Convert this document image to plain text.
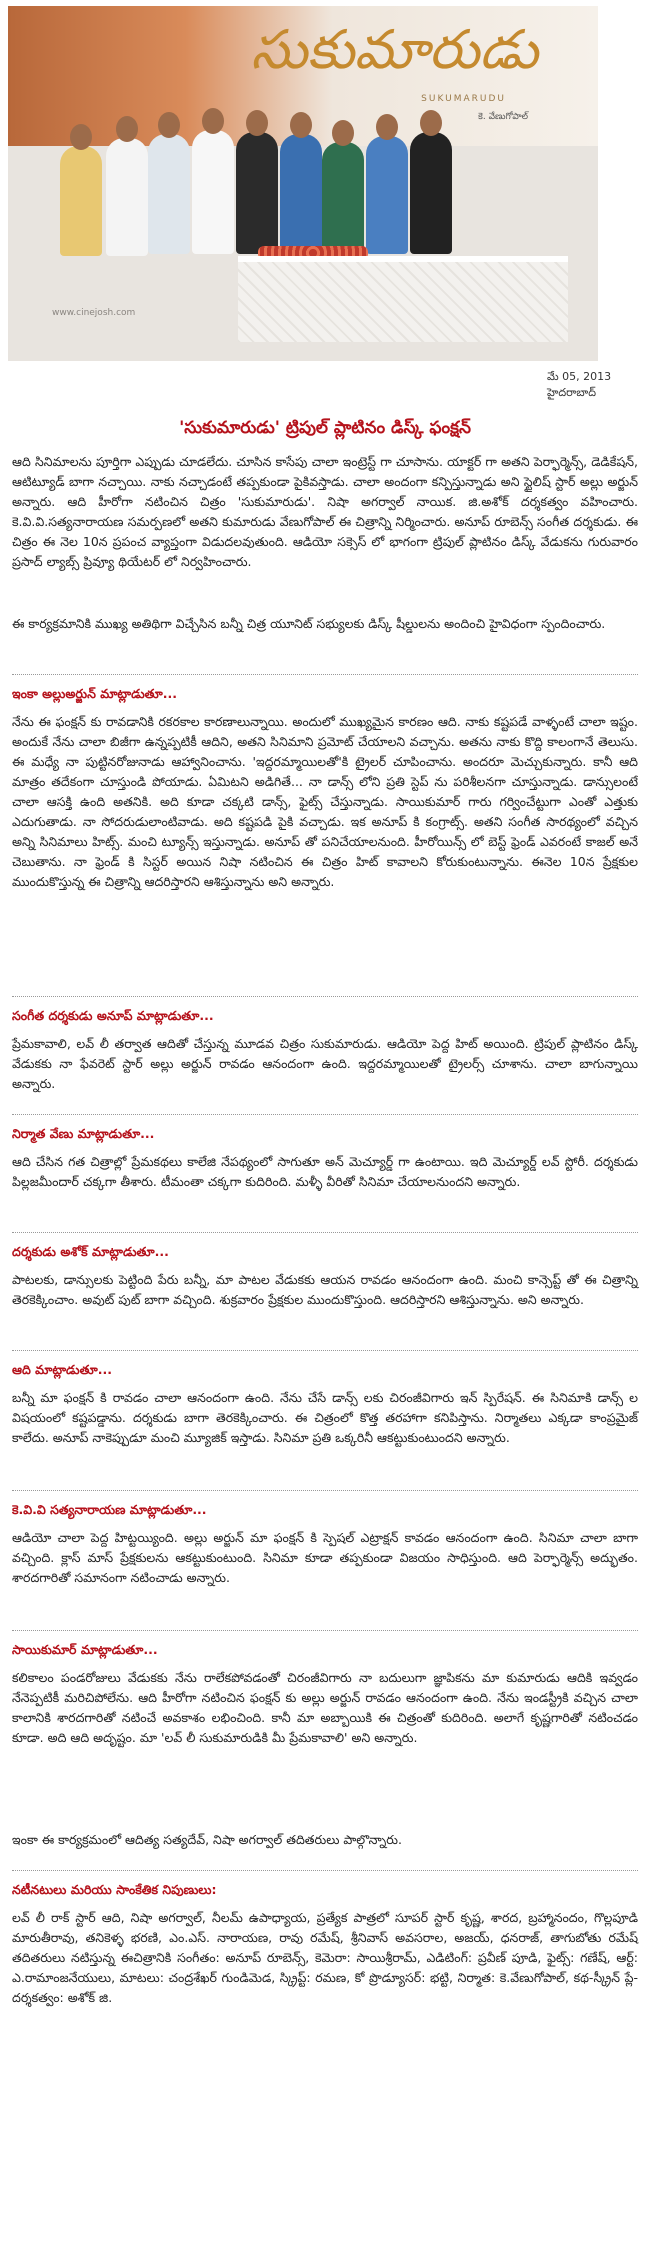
సుకుమారుడు
SUKUMARUDU
కె. వేణుగోపాల్
www.cinejosh.com
మే 05, 2013
హైదరాబాద్
'సుకుమారుడు' ట్రిపుల్ ప్లాటినం డిస్క్ ఫంక్షన్

ఆది సినిమాలను పూర్తిగా ఎప్పుడు చూడలేదు. చూసిన కాసేపు చాలా ఇంట్రెస్ట్ గా చూసాను. యాక్టర్ గా అతని పెర్ఫార్మెన్స్, డెడికేషన్, ఆటిట్యూడ్ బాగా నచ్చాయి. నాకు నచ్చాడంటే తప్పకుండా పైకివస్తాడు. చాలా అందంగా కన్పిస్తున్నాడు అని స్టైలిష్ స్టార్ అల్లు అర్జున్ అన్నారు. ఆది హీరోగా నటించిన చిత్రం 'సుకుమారుడు'. నిషా అగర్వాల్ నాయిక. జి.అశోక్ దర్శకత్వం వహించారు. కె.వి.వి.సత్యనారాయణ సమర్పణలో అతని కుమారుడు వేణుగోపాల్ ఈ చిత్రాన్ని నిర్మించారు. అనూప్ రూబెన్స్ సంగీత దర్శకుడు. ఈ చిత్రం ఈ నెల 10న ప్రపంచ వ్యాప్తంగా విడుదలవుతుంది. ఆడియో సక్సెస్ లో భాగంగా ట్రిపుల్ ప్లాటినం డిస్క్ వేడుకను గురువారం ప్రసాద్ ల్యాబ్స్ ప్రివ్యూ థియేటర్ లో నిర్వహించారు.

ఈ కార్యక్రమానికి ముఖ్య అతిథిగా విచ్చేసిన బన్నీ చిత్ర యూనిట్ సభ్యులకు డిస్క్ షీల్డులను అందించి హైవిధంగా స్పందించారు.

ఇంకా అల్లుఅర్జున్ మాట్లాడుతూ...

నేను ఈ ఫంక్షన్ కు రావడానికి రకరకాల కారణాలున్నాయి. అందులో ముఖ్యమైన కారణం ఆది. నాకు కష్టపడే వాళ్ళంటే చాలా ఇష్టం. అందుకే నేను చాలా బిజీగా ఉన్నప్పటికీ ఆదిని, అతని సినిమాని ప్రమోట్ చేయాలని వచ్చాను. అతను నాకు కొద్ది కాలంగానే తెలుసు. ఈ మధ్యే నా పుట్టినరోజునాడు ఆహ్వానించాను. 'ఇద్దరమ్మాయిలతో'కి ట్రైలర్ చూపించాను. అందరూ మెచ్చుకున్నారు. కానీ ఆది మాత్రం తదేకంగా చూస్తుండి పోయాడు. ఏమిటని అడిగితే... నా డాన్స్ లోని ప్రతి స్టెప్ ను పరిశీలనగా చూస్తున్నాడు. డాన్సులంటే చాలా ఆసక్తి ఉంది అతనికి. అది కూడా చక్కటి డాన్స్, ఫైట్స్ చేస్తున్నాడు. సాయికుమార్ గారు గర్వించేట్టుగా ఎంతో ఎత్తుకు ఎదుగుతాడు. నా సోదరుడులాంటివాడు. అది కష్టపడి పైకి వచ్చాడు. ఇక అనూప్ కి కంగ్రాట్స్. అతని సంగీత సారథ్యంలో వచ్చిన అన్ని సినిమాలు హిట్స్. మంచి ట్యూన్స్ ఇస్తున్నాడు. అనూప్ తో పనిచేయాలనుంది. హీరోయిన్స్ లో బెస్ట్ ఫ్రెండ్ ఎవరంటే కాజల్ అనే చెబుతాను. నా ఫ్రెండ్ కి సిస్టర్ అయిన నిషా నటించిన ఈ చిత్రం హిట్ కావాలని కోరుకుంటున్నాను. ఈనెల 10న ప్రేక్షకుల ముందుకొస్తున్న ఈ చిత్రాన్ని ఆదరిస్తారని ఆశిస్తున్నాను అని అన్నారు.

సంగీత దర్శకుడు అనూప్ మాట్లాడుతూ...

ప్రేమకావాలి, లవ్ లీ తర్వాత ఆదితో చేస్తున్న మూడవ చిత్రం సుకుమారుడు. ఆడియో పెద్ద హిట్ అయింది. ట్రిపుల్ ప్లాటినం డిస్క్ వేడుకకు నా ఫేవరెట్ స్టార్ అల్లు అర్జున్ రావడం ఆనందంగా ఉంది. ఇద్దరమ్మాయిలతో ట్రైలర్స్ చూశాను. చాలా బాగున్నాయి అన్నారు.

నిర్మాత వేణు మాట్లాడుతూ...

ఆది చేసిన గత చిత్రాల్లో ప్రేమకథలు కాలేజి నేపథ్యంలో సాగుతూ అన్ మెచ్యూర్డ్ గా ఉంటాయి. ఇది మెచ్యూర్డ్ లవ్ స్టోరీ. దర్శకుడు పిల్లజమీందార్ చక్కగా తీశారు. టీమంతా చక్కగా కుదిరింది. మళ్ళీ వీరితో సినిమా చేయాలనుందని అన్నారు.

దర్శకుడు అశోక్ మాట్లాడుతూ...

పాటలకు, డాన్సులకు పెట్టింది పేరు బన్నీ, మా పాటల వేడుకకు ఆయన రావడం ఆనందంగా ఉంది. మంచి కాన్సెప్ట్ తో ఈ చిత్రాన్ని తెరకెక్కించాం. అవుట్ పుట్ బాగా వచ్చింది. శుక్రవారం ప్రేక్షకుల ముందుకొస్తుంది. ఆదరిస్తారని ఆశిస్తున్నాను. అని అన్నారు.

ఆది మాట్లాడుతూ...

బన్నీ మా ఫంక్షన్ కి రావడం చాలా ఆనందంగా ఉంది. నేను చేసే డాన్స్ లకు చిరంజీవిగారు ఇన్ స్పిరేషన్. ఈ సినిమాకి డాన్స్ ల విషయంలో కష్టపడ్డాను. దర్శకుడు బాగా తెరకెక్కించారు. ఈ చిత్రంలో కొత్త తరహాగా కనిపిస్తాను. నిర్మాతలు ఎక్కడా కాంప్రమైజ్ కాలేదు. అనూప్ నాకెప్పుడూ మంచి మ్యూజిక్ ఇస్తాడు. సినిమా ప్రతి ఒక్కరినీ ఆకట్టుకుంటుందని అన్నారు.

కె.వి.వి సత్యనారాయణ మాట్లాడుతూ...

ఆడియో చాలా పెద్ద హిట్టయ్యింది. అల్లు అర్జున్ మా ఫంక్షన్ కి స్పెషల్ ఎట్రాక్షన్ కావడం ఆనందంగా ఉంది. సినిమా చాలా బాగా వచ్చింది. క్లాస్ మాస్ ప్రేక్షకులను ఆకట్టుకుంటుంది. సినిమా కూడా తప్పకుండా విజయం సాధిస్తుంది. ఆది పెర్ఫార్మెన్స్ అద్భుతం. శారదగారితో సమానంగా నటించాడు అన్నారు.

సాయికుమార్ మాట్లాడుతూ...

కలికాలం పండరోజులు వేడుకకు నేను రాలేకపోవడంతో చిరంజీవిగారు నా బదులుగా జ్ఞాపికను మా కుమారుడు ఆదికి ఇవ్వడం నేనెప్పటికీ మరిచిపోలేను. ఆది హీరోగా నటించిన ఫంక్షన్ కు అల్లు అర్జున్ రావడం ఆనందంగా ఉంది. నేను ఇండస్ట్రీకి వచ్చిన చాలా కాలానికి శారదగారితో నటించే అవకాశం లభించింది. కానీ మా అబ్బాయికి ఈ చిత్రంతో కుదిరింది. అలాగే కృష్ణగారితో నటించడం కూడా. అది ఆది అదృష్టం. మా 'లవ్ లీ సుకుమారుడికి మీ ప్రేమకావాలి' అని అన్నారు.

ఇంకా ఈ కార్యక్రమంలో ఆదిత్య సత్యదేవ్, నిషా అగర్వాల్ తదితరులు పాల్గొన్నారు.

నటీనటులు మరియు సాంకేతిక నిపుణులు:

లవ్ లీ రాక్ స్టార్ ఆది, నిషా అగర్వాల్, నీలమ్ ఉపాధ్యాయ, ప్రత్యేక పాత్రలో సూపర్ స్టార్ కృష్ణ, శారద, బ్రహ్మానందం, గొల్లపూడి మారుతీరావు, తనికెళ్ళ భరణి, ఎం.ఎస్. నారాయణ, రావు రమేష్, శ్రీనివాస్ అవసరాల, అజయ్, ధనరాజ్, తాగుబోతు రమేష్ తదితరులు నటిస్తున్న ఈచిత్రానికి సంగీతం: అనూప్ రూబెన్స్, కెమెరా: సాయిశ్రీరామ్, ఎడిటింగ్: ప్రవీణ్ పూడి, ఫైట్స్: గణేష్, ఆర్ట్: ఎ.రామాంజనేయులు, మాటలు: చంద్రశేఖర్ గుండిమెడ, స్క్రిప్ట్: రమణ, కో ప్రొడ్యూసర్: భట్టి, నిర్మాత: కె.వేణుగోపాల్, కథ-స్క్రీన్ ప్లే- దర్శకత్వం: అశోక్ జి.
